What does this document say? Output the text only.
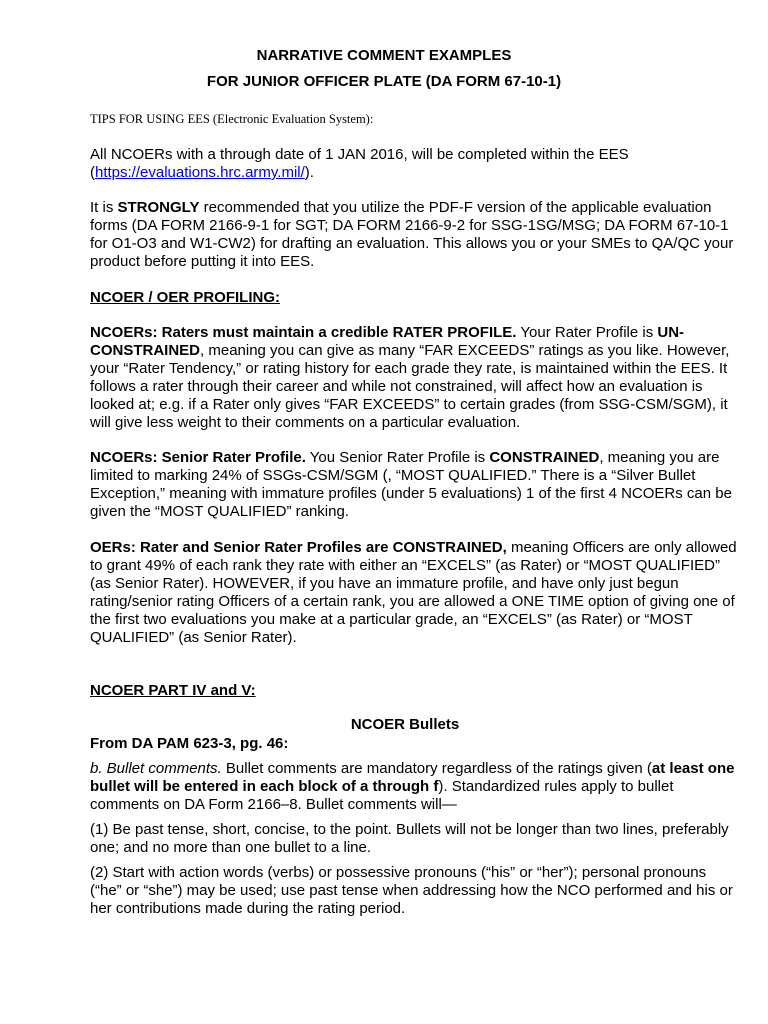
NARRATIVE COMMENT EXAMPLES
FOR JUNIOR OFFICER PLATE (DA FORM 67-10-1)
TIPS FOR USING EES (Electronic Evaluation System):

All NCOERs with a through date of 1 JAN 2016, will be completed within the EES (https://evaluations.hrc.army.mil/).

It is STRONGLY recommended that you utilize the PDF-F version of the applicable evaluation forms (DA FORM 2166-9-1 for SGT; DA FORM 2166-9-2 for SSG-1SG/MSG; DA FORM 67-10-1 for O1-O3 and W1-CW2) for drafting an evaluation. This allows you or your SMEs to QA/QC your product before putting it into EES.

NCOER / OER PROFILING:

NCOERs: Raters must maintain a credible RATER PROFILE. Your Rater Profile is UN-CONSTRAINED, meaning you can give as many “FAR EXCEEDS” ratings as you like. However, your “Rater Tendency,” or rating history for each grade they rate, is maintained within the EES. It follows a rater through their career and while not constrained, will affect how an evaluation is looked at; e.g. if a Rater only gives “FAR EXCEEDS” to certain grades (from SSG-CSM/SGM), it will give less weight to their comments on a particular evaluation.

NCOERs: Senior Rater Profile. You Senior Rater Profile is CONSTRAINED, meaning you are limited to marking 24% of SSGs-CSM/SGM (, “MOST QUALIFIED.” There is a “Silver Bullet Exception,” meaning with immature profiles (under 5 evaluations) 1 of the first 4 NCOERs can be given the “MOST QUALIFIED” ranking.

OERs: Rater and Senior Rater Profiles are CONSTRAINED, meaning Officers are only allowed to grant 49% of each rank they rate with either an “EXCELS” (as Rater) or “MOST QUALIFIED” (as Senior Rater). HOWEVER, if you have an immature profile, and have only just begun rating/senior rating Officers of a certain rank, you are allowed a ONE TIME option of giving one of the first two evaluations you make at a particular grade, an “EXCELS” (as Rater) or “MOST QUALIFIED” (as Senior Rater).

NCOER PART IV and V:
NCOER Bullets
From DA PAM 623-3, pg. 46:

b. Bullet comments. Bullet comments are mandatory regardless of the ratings given (at least one bullet will be entered in each block of a through f). Standardized rules apply to bullet comments on DA Form 2166–8. Bullet comments will—

(1) Be past tense, short, concise, to the point. Bullets will not be longer than two lines, preferably one; and no more than one bullet to a line.

(2) Start with action words (verbs) or possessive pronouns (“his” or “her”); personal pronouns (“he” or “she”) may be used; use past tense when addressing how the NCO performed and his or her contributions made during the rating period.
